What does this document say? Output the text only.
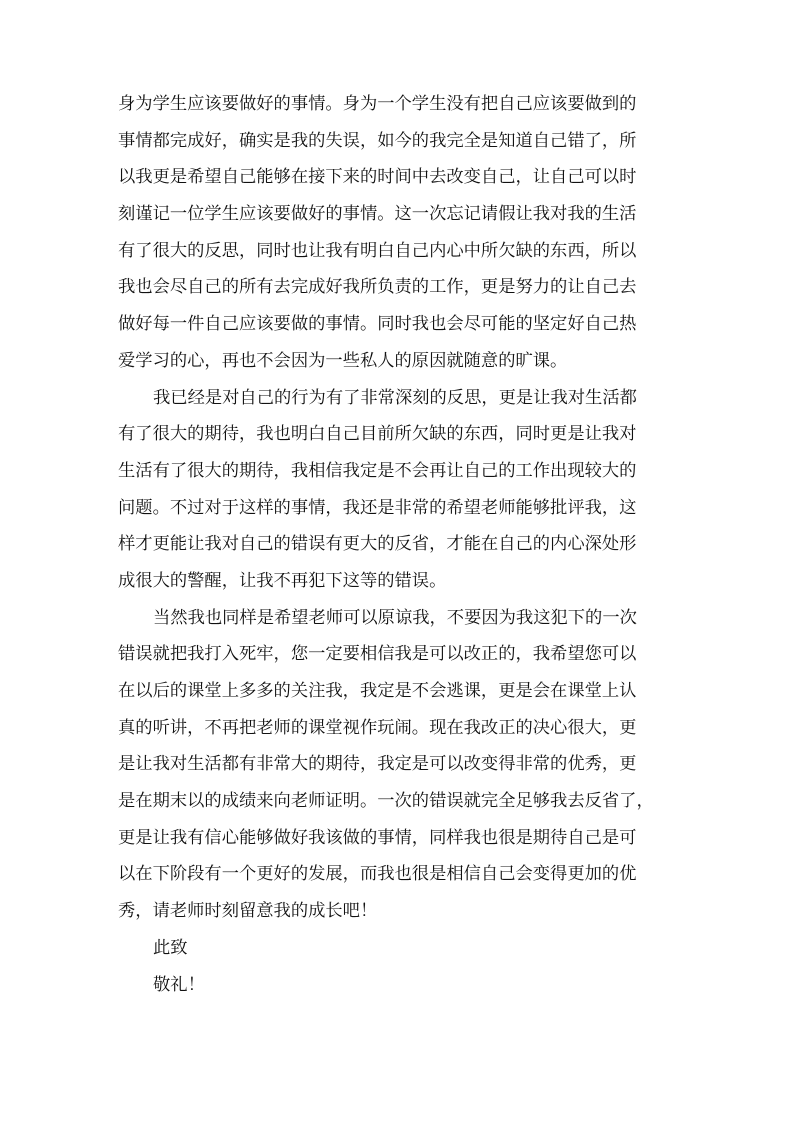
身为学生应该要做好的事情。身为一个学生没有把自己应该要做到的
事情都完成好，确实是我的失误，如今的我完全是知道自己错了，所
以我更是希望自己能够在接下来的时间中去改变自己，让自己可以时
刻谨记一位学生应该要做好的事情。这一次忘记请假让我对我的生活
有了很大的反思，同时也让我有明白自己内心中所欠缺的东西，所以
我也会尽自己的所有去完成好我所负责的工作，更是努力的让自己去
做好每一件自己应该要做的事情。同时我也会尽可能的坚定好自己热
爱学习的心，再也不会因为一些私人的原因就随意的旷课。
我已经是对自己的行为有了非常深刻的反思，更是让我对生活都
有了很大的期待，我也明白自己目前所欠缺的东西，同时更是让我对
生活有了很大的期待，我相信我定是不会再让自己的工作出现较大的
问题。不过对于这样的事情，我还是非常的希望老师能够批评我，这
样才更能让我对自己的错误有更大的反省，才能在自己的内心深处形
成很大的警醒，让我不再犯下这等的错误。
当然我也同样是希望老师可以原谅我，不要因为我这犯下的一次
错误就把我打入死牢，您一定要相信我是可以改正的，我希望您可以
在以后的课堂上多多的关注我，我定是不会逃课，更是会在课堂上认
真的听讲，不再把老师的课堂视作玩闹。现在我改正的决心很大，更
是让我对生活都有非常大的期待，我定是可以改变得非常的优秀，更
是在期末以的成绩来向老师证明。一次的错误就完全足够我去反省了，
更是让我有信心能够做好我该做的事情，同样我也很是期待自己是可
以在下阶段有一个更好的发展，而我也很是相信自己会变得更加的优
秀，请老师时刻留意我的成长吧！
此致
敬礼！
